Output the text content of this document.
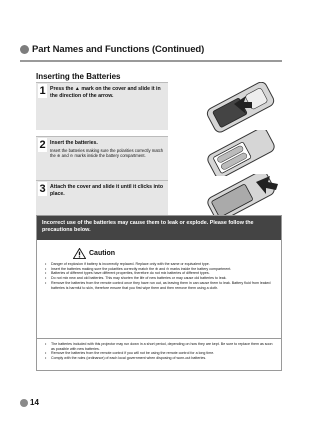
Part Names and Functions (Continued)
Inserting the Batteries
1 Press the ▲ mark on the cover and slide it in the direction of the arrow.
2 Insert the batteries.
Insert the batteries making sure the polarities correctly match the ⊕ and ⊖ marks inside the battery compartment.
3 Attach the cover and slide it until it clicks into place.
Incorrect use of the batteries may cause them to leak or explode. Please follow the precautions below.
Caution
• Danger of explosion if battery is incorrectly replaced. Replace only with the same or equivalent type.
• Insert the batteries making sure the polarities correctly match the ⊕ and ⊖ marks inside the battery compartment.
• Batteries of different types have different properties, therefore do not mix batteries of different types.
• Do not mix new and old batteries. This may shorten the life of new batteries or may cause old batteries to leak.
• Remove the batteries from the remote control once they have run out, as leaving them in can cause them to leak. Battery fluid from leaked batteries is harmful to skin, therefore ensure that you first wipe them and then remove them using a cloth.
• The batteries included with this projector may run down in a short period, depending on how they are kept. Be sure to replace them as soon as possible with new batteries.
• Remove the batteries from the remote control if you will not be using the remote control for a long time.
• Comply with the rules (ordinance) of each local government when disposing of worn-out batteries.
14
